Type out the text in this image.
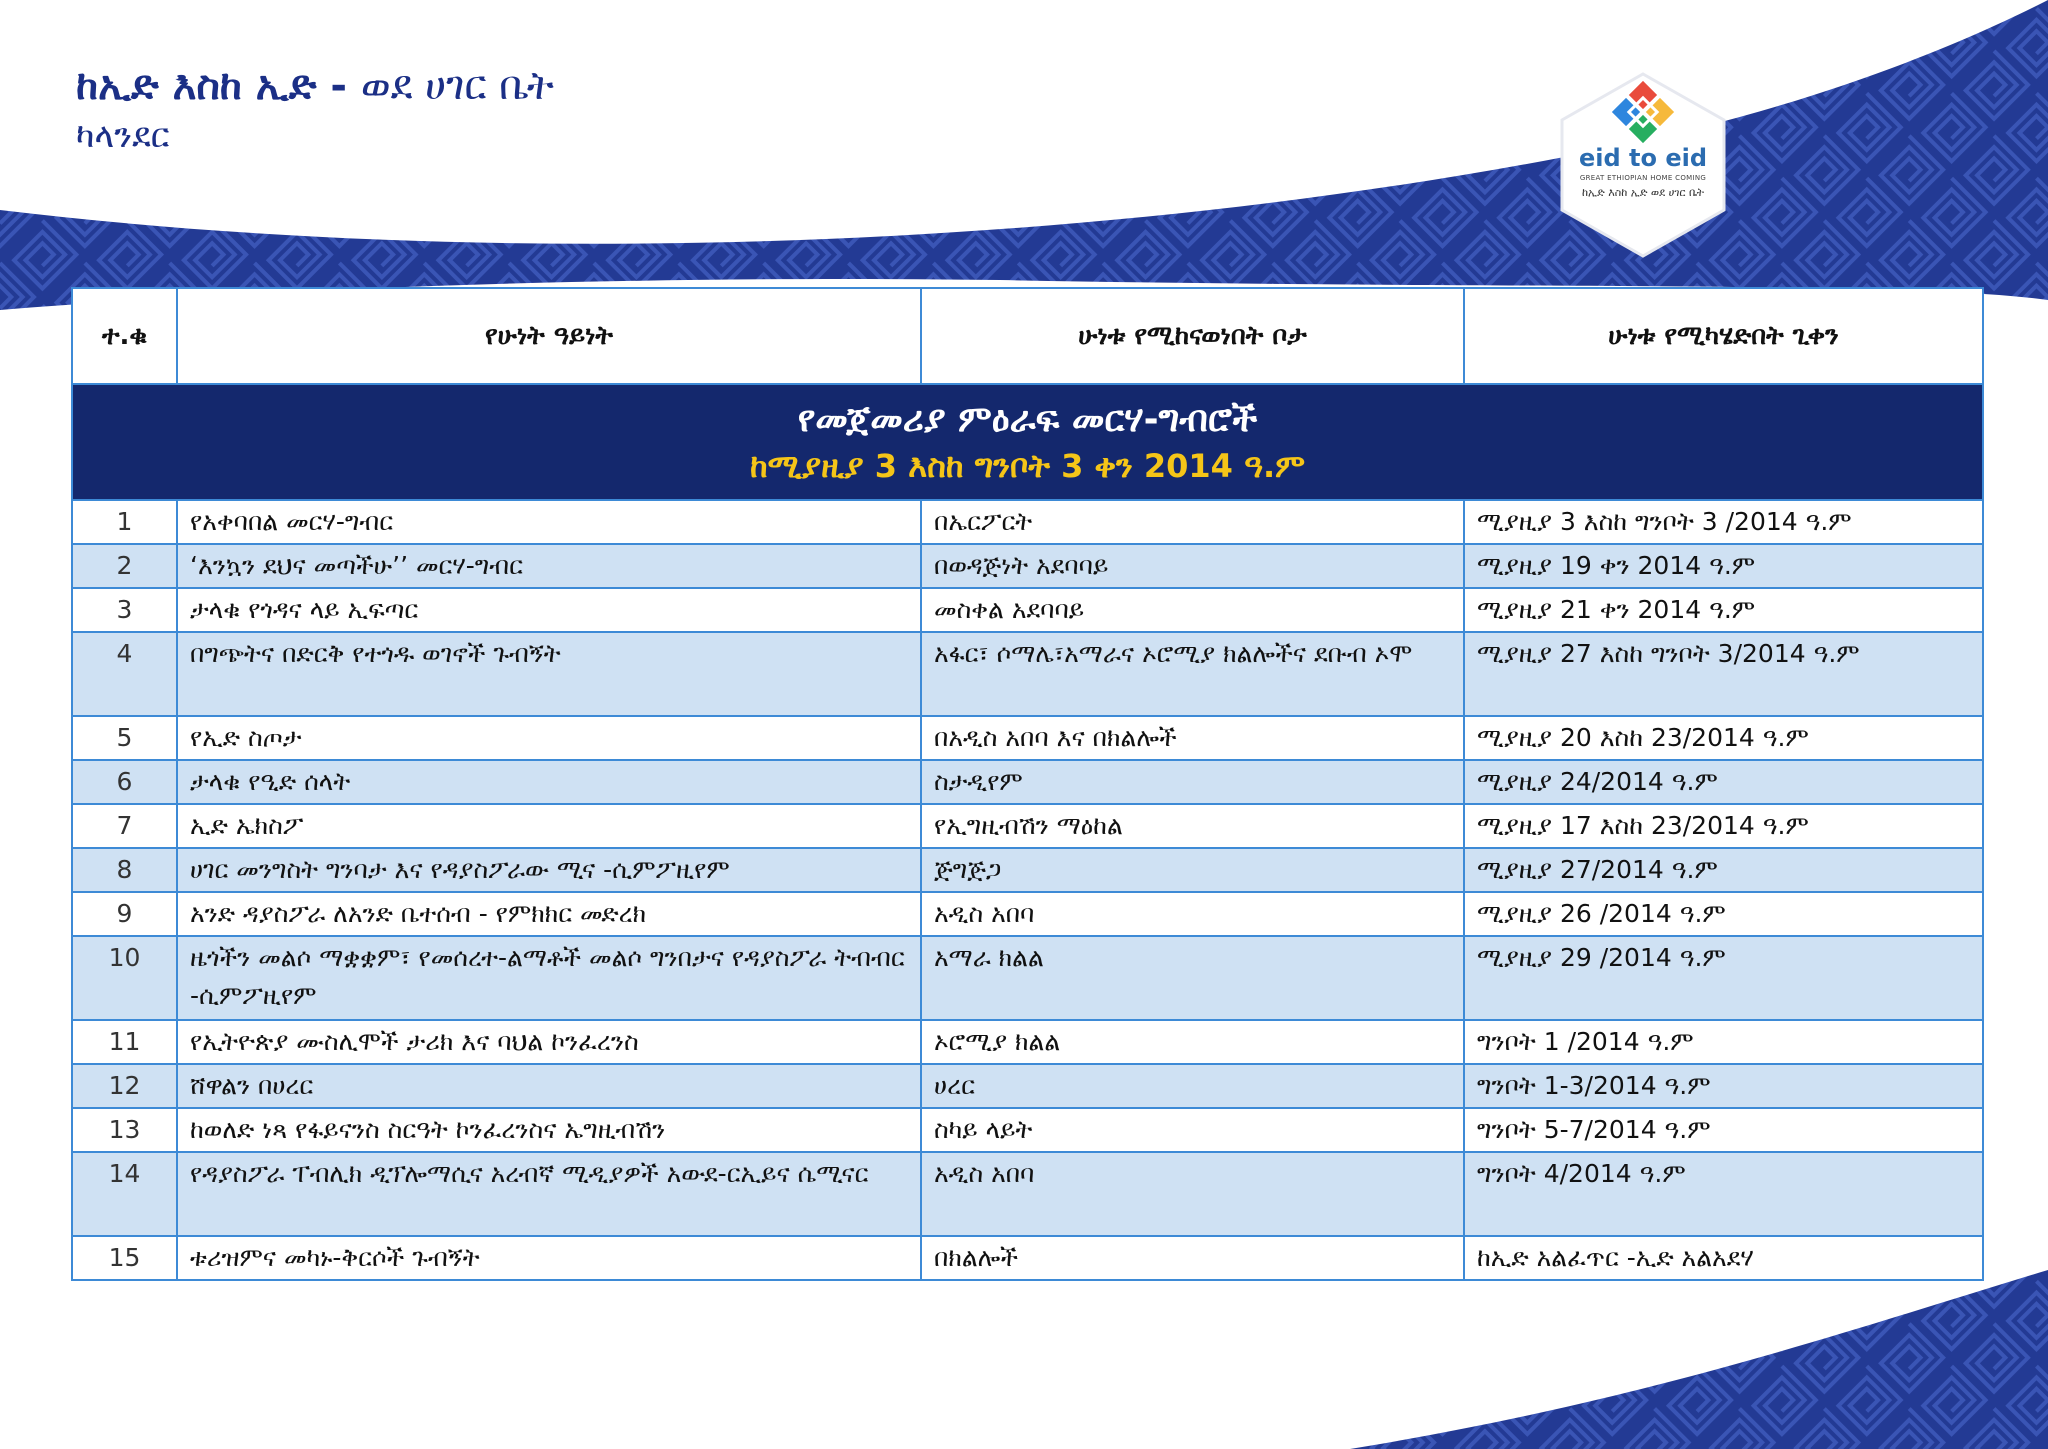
ከኢድ እስከ ኢድ - ወደ ሀገር ቤት
ካላንደር
eid to eid
GREAT ETHIOPIAN HOME COMING
ከኢድ እስከ ኢድ ወደ ሀገር ቤት
ተ.ቁ	የሁነት ዓይነት	ሁነቱ የሚከናወነበት ቦታ	ሁነቱ የሚካሄድበት ጊቀን

የመጀመሪያ ምዕራፍ መርሃ-ግብሮች
ከሚያዚያ 3 እስከ ግንቦት 3 ቀን 2014 ዓ.ም			

1	የአቀባበል መርሃ-ግብር	በኤርፖርት	ሚያዚያ 3 እስከ ግንቦት 3 /2014 ዓ.ም
2	‘እንኳን ደህና መጣችሁ’’ መርሃ-ግብር	በወዳጅነት አደባባይ	ሚያዚያ 19 ቀን 2014 ዓ.ም
3	ታላቁ የጎዳና ላይ ኢፍጣር	መስቀል አደባባይ	ሚያዚያ 21 ቀን 2014 ዓ.ም
4	በግጭትና በድርቅ የተጎዱ ወገኖች ጉብኝት	አፋር፣ ሶማሌ፣አማራና ኦሮሚያ ክልሎችና ደቡብ ኦሞ	ሚያዚያ 27 እስከ ግንቦት 3/2014 ዓ.ም
5	የኢድ ስጦታ	በአዲስ አበባ እና በክልሎች	ሚያዚያ 20 እስከ 23/2014 ዓ.ም
6	ታላቁ የዒድ ሰላት	ስታዲየም	ሚያዚያ 24/2014 ዓ.ም
7	ኢድ ኤክስፖ	የኢግዚብሽን ማዕከል	ሚያዚያ 17 እስከ 23/2014 ዓ.ም
8	ሀገር መንግስት ግንባታ እና የዳያስፖራው ሚና -ሲምፖዚየም	ጅግጅጋ	ሚያዚያ 27/2014 ዓ.ም
9	አንድ ዳያስፖራ ለአንድ ቤተሰብ - የምክክር መድረክ	አዲስ አበባ	ሚያዚያ 26 /2014 ዓ.ም
10	ዜጎችን መልሶ ማቋቋም፣ የመሰረተ-ልማቶች መልሶ ግንበታና የዳያስፖራ ትብብር -ሲምፖዚየም	አማራ ክልል	ሚያዚያ 29 /2014 ዓ.ም
11	የኢትዮጵያ ሙስሊሞች ታሪክ እና ባህል ኮንፈረንስ	ኦሮሚያ ክልል	ግንቦት 1 /2014 ዓ.ም
12	ሸዋልን በሀረር	ሀረር	ግንቦት 1-3/2014 ዓ.ም
13	ከወለድ ነጻ የፋይናንስ ስርዓት ኮንፈረንስና ኤግዚብሽን	ስካይ ላይት	ግንቦት 5-7/2014 ዓ.ም
14	የዳያስፖራ ፐብሊክ ዲፕሎማሲና አረብኛ ሚዲያዎች አውደ-ርኢይና ሴሚናር	አዲስ አበባ	ግንቦት 4/2014 ዓ.ም
15	ቱሪዝምና መካኑ-ቅርሶች ጉብኝት	በክልሎች	ከኢድ አልፈጥር -ኢድ አልአደሃ
